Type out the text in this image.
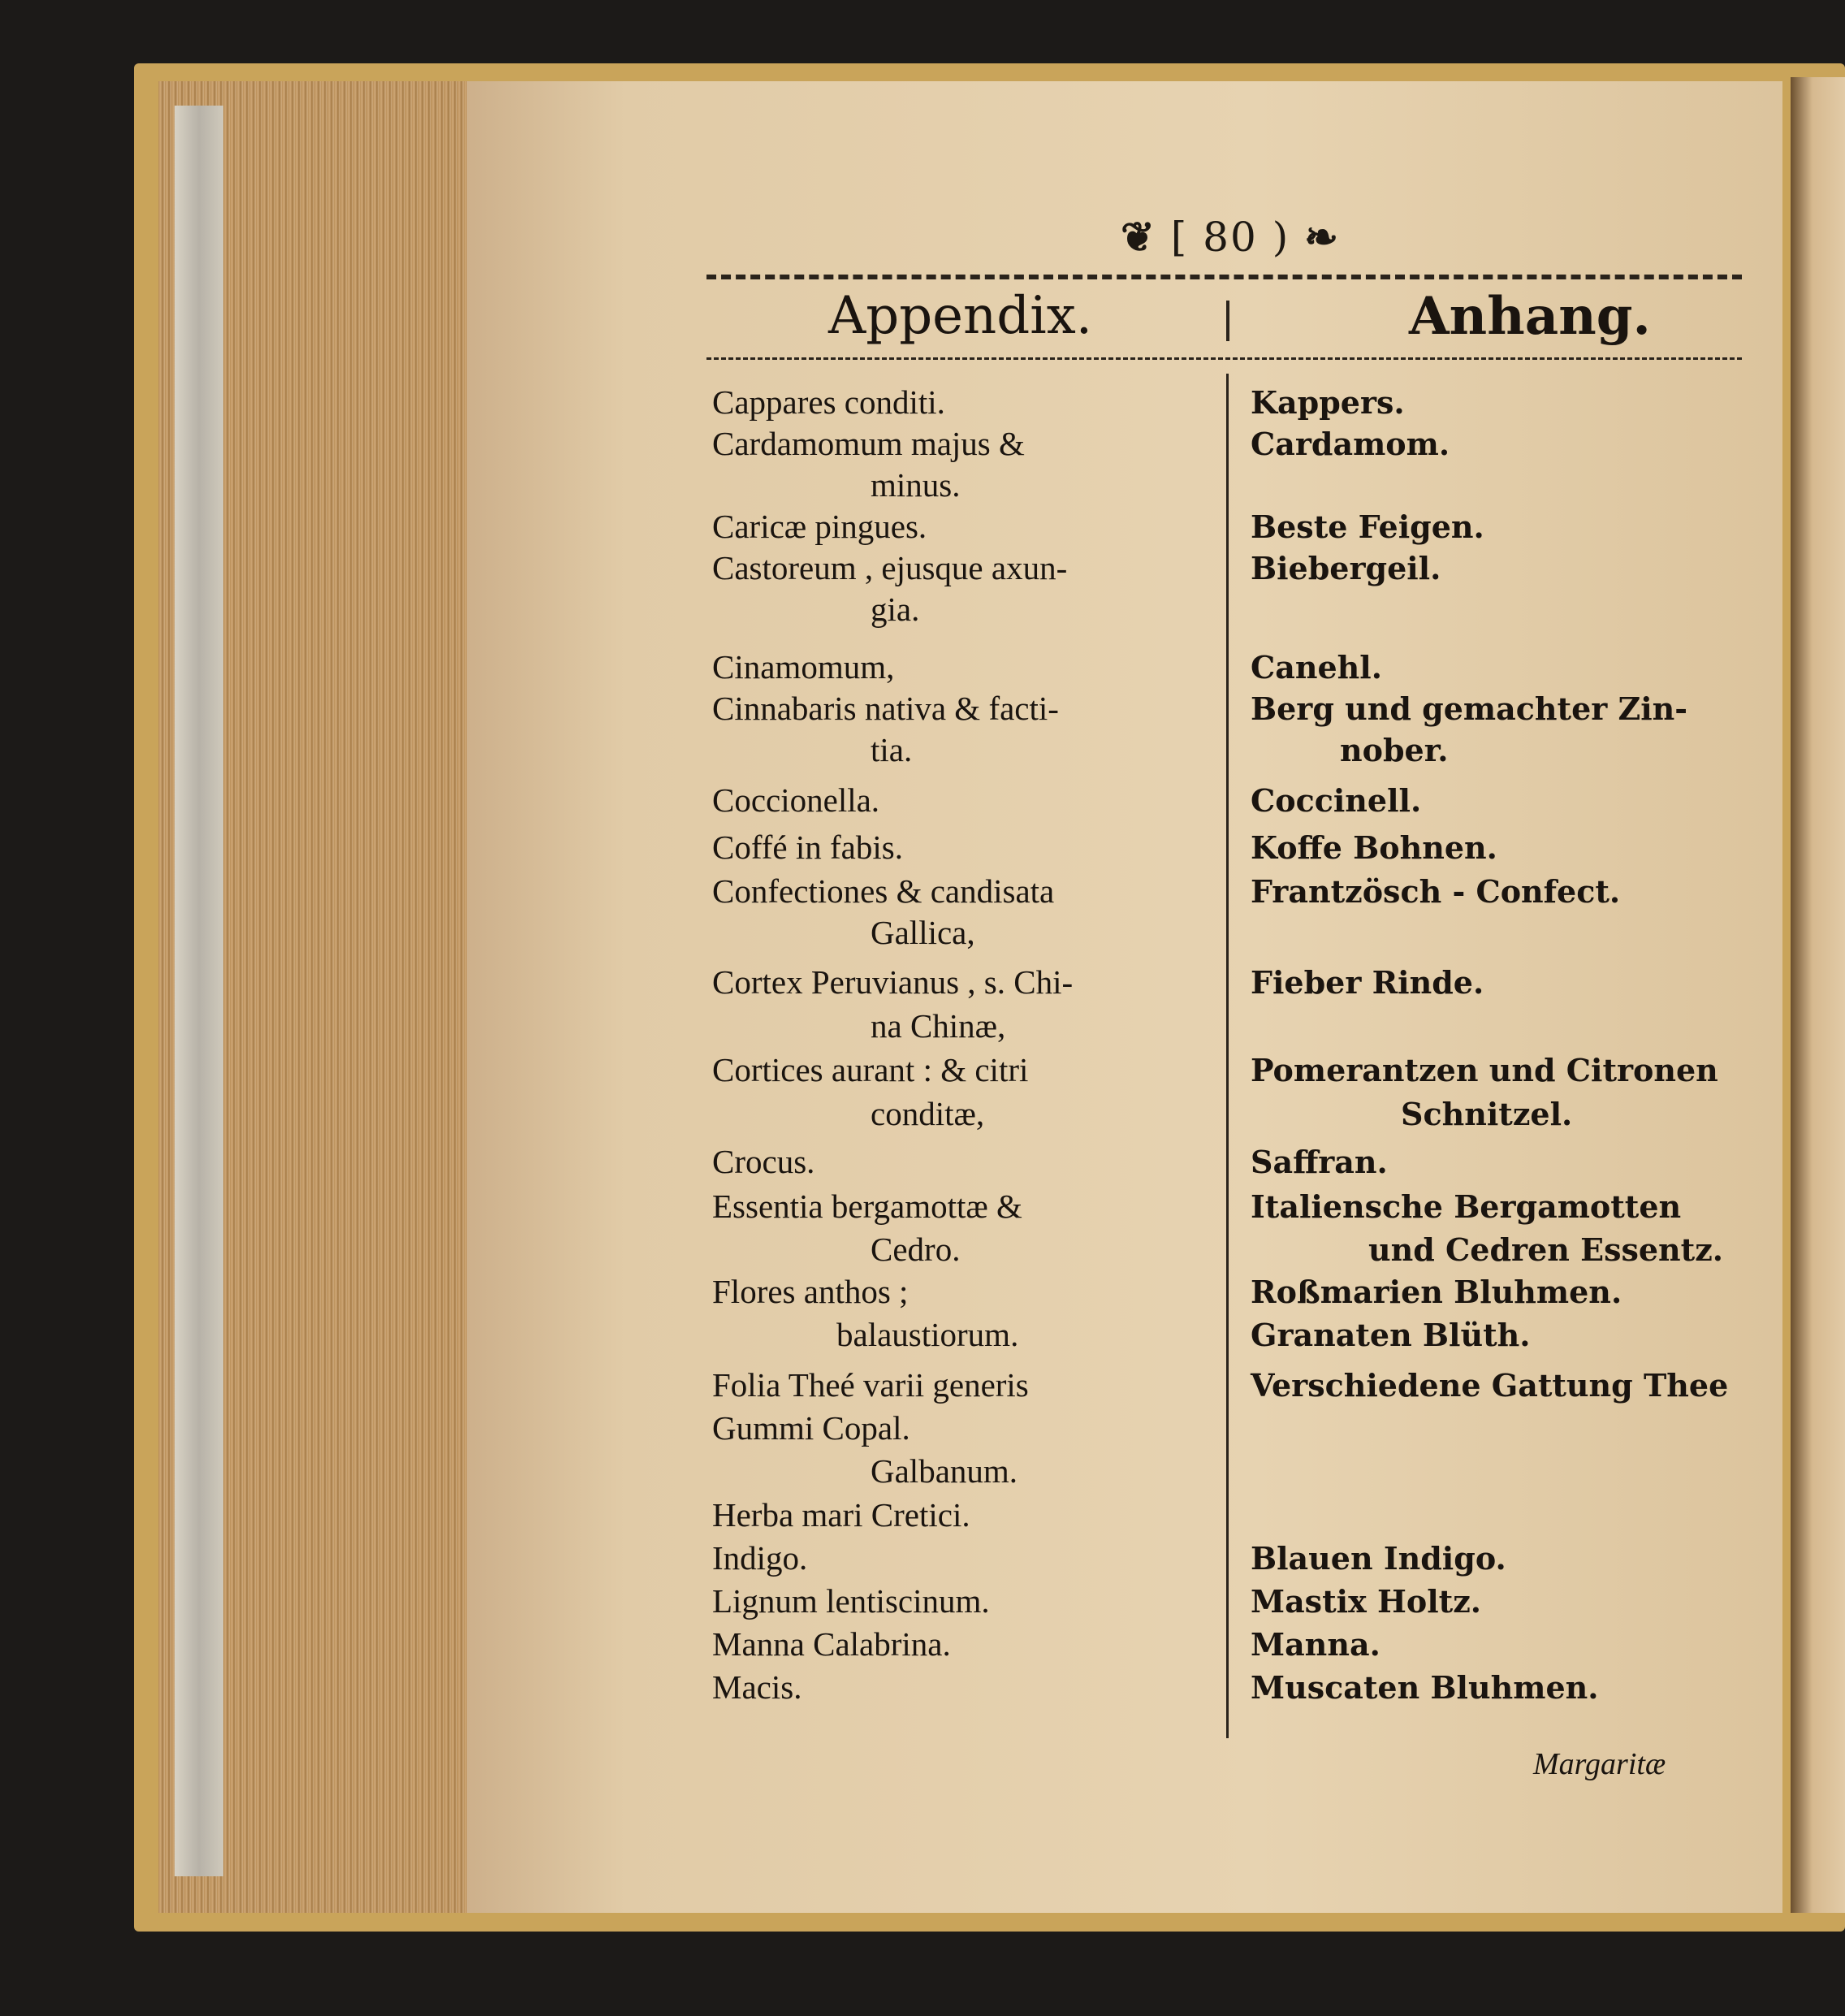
❦ [ 80 ) ❧
Appendix.	Anhang.
Cappares conditi.
Cardamomum majus &
minus.
Caricæ pingues.
Castoreum , ejusque axun-
gia.
Cinamomum,
Cinnabaris nativa & facti-
tia.
Coccionella.
Coffé in fabis.
Confectiones & candisata
Gallica,
Cortex Peruvianus , s. Chi-
na Chinæ,
Cortices aurant : & citri
conditæ,
Crocus.
Essentia bergamottæ &
Cedro.
Flores anthos ;
balaustiorum.
Folia Theé varii generis
Gummi Copal.
Galbanum.
Herba mari Cretici.
Indigo.
Lignum lentiscinum.
Manna Calabrina.
Macis.
Kappers.
Cardamom.
Beste Feigen.
Biebergeil.
Canehl.
Berg und gemachter Zin-
nober.
Coccinell.
Koffe Bohnen.
Frantzösch - Confect.
Fieber Rinde.
Pomerantzen und Citronen
Schnitzel.
Saffran.
Italiensche Bergamotten
und Cedren Essentz.
Roßmarien Bluhmen.
Granaten Blüth.
Verschiedene Gattung Thee
Blauen Indigo.
Mastix Holtz.
Manna.
Muscaten Bluhmen.
Margaritæ
